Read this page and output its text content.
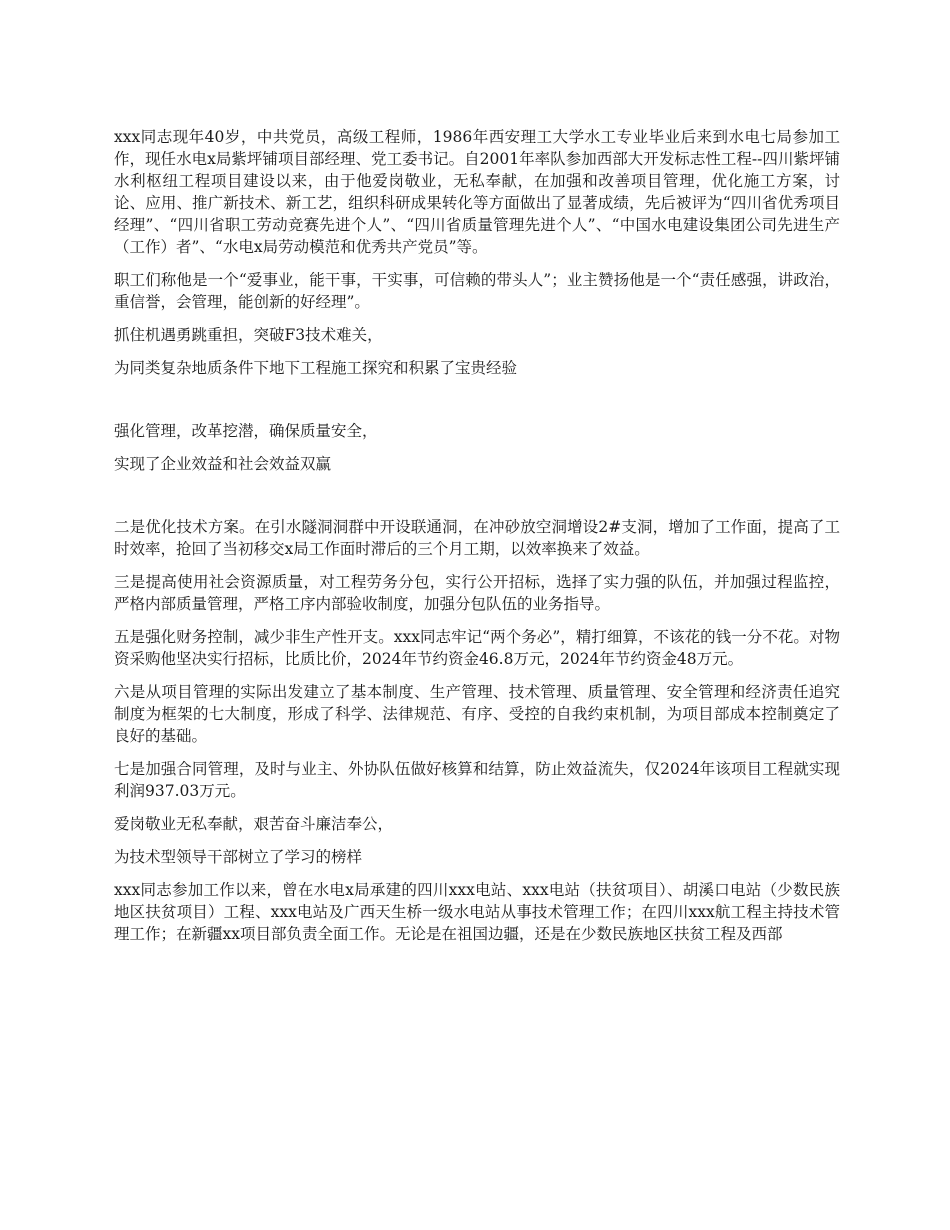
xxx同志现年40岁，中共党员，高级工程师，1986年西安理工大学水工专业毕业后来到水电七局参加工作，现任水电x局紫坪铺项目部经理、党工委书记。自2001年率队参加西部大开发标志性工程--四川紫坪铺水利枢纽工程项目建设以来，由于他爱岗敬业，无私奉献，在加强和改善项目管理，优化施工方案，讨论、应用、推广新技术、新工艺，组织科研成果转化等方面做出了显著成绩，先后被评为“四川省优秀项目经理”、“四川省职工劳动竞赛先进个人”、“四川省质量管理先进个人”、“中国水电建设集团公司先进生产（工作）者”、“水电x局劳动模范和优秀共产党员”等。

职工们称他是一个“爱事业，能干事，干实事，可信赖的带头人”；业主赞扬他是一个“责任感强，讲政治，重信誉，会管理，能创新的好经理”。

抓住机遇勇跳重担，突破F3技术难关，

为同类复杂地质条件下地下工程施工探究和积累了宝贵经验

强化管理，改革挖潜，确保质量安全，

实现了企业效益和社会效益双赢

二是优化技术方案。在引水隧洞洞群中开设联通洞，在冲砂放空洞增设2#支洞，增加了工作面，提高了工时效率，抢回了当初移交x局工作面时滞后的三个月工期，以效率换来了效益。

三是提高使用社会资源质量，对工程劳务分包，实行公开招标，选择了实力强的队伍，并加强过程监控，严格内部质量管理，严格工序内部验收制度，加强分包队伍的业务指导。

五是强化财务控制，减少非生产性开支。xxx同志牢记“两个务必”，精打细算，不该花的钱一分不花。对物资采购他坚决实行招标，比质比价，2024年节约资金46.8万元，2024年节约资金48万元。

六是从项目管理的实际出发建立了基本制度、生产管理、技术管理、质量管理、安全管理和经济责任追究制度为框架的七大制度，形成了科学、法律规范、有序、受控的自我约束机制，为项目部成本控制奠定了良好的基础。

七是加强合同管理，及时与业主、外协队伍做好核算和结算，防止效益流失，仅2024年该项目工程就实现利润937.03万元。

爱岗敬业无私奉献，艰苦奋斗廉洁奉公，

为技术型领导干部树立了学习的榜样

xxx同志参加工作以来，曾在水电x局承建的四川xxx电站、xxx电站（扶贫项目）、胡溪口电站（少数民族地区扶贫项目）工程、xxx电站及广西天生桥一级水电站从事技术管理工作；在四川xxx航工程主持技术管理工作；在新疆xx项目部负责全面工作。无论是在祖国边疆，还是在少数民族地区扶贫工程及西部
